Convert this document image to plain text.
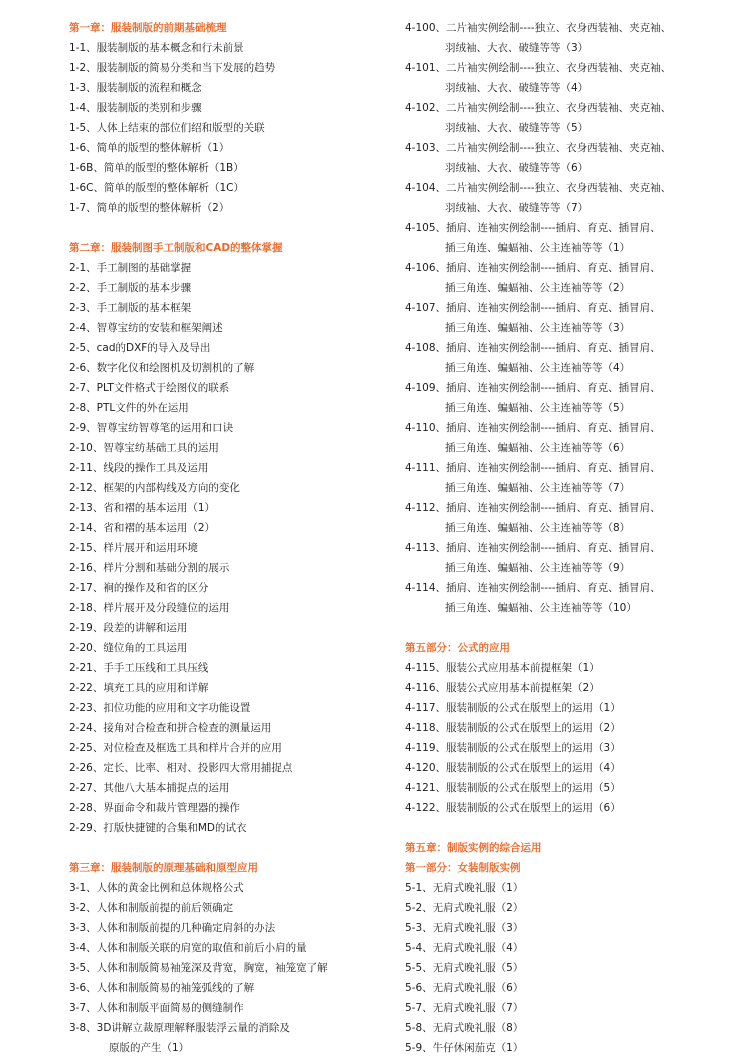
第一章：服装制版的前期基础梳理
1-1、服装制版的基本概念和行未前景
1-2、服装制版的简易分类和当下发展的趋势
1-3、服装制版的流程和概念
1-4、服装制版的类别和步骤
1-5、人体上结束的部位们绍和版型的关联
1-6、简单的版型的整体解析（1）
1-6B、简单的版型的整体解析（1B）
1-6C、简单的版型的整体解析（1C）
1-7、简单的版型的整体解析（2）
第二章：服装制图手工制版和CAD的整体掌握
2-1、手工制图的基础掌握
2-2、手工制版的基本步骤
2-3、手工制版的基本框架
2-4、智尊宝纺的安装和框架阐述
2-5、cad的DXF的导入及导出
2-6、数字化仪和绘图机及切割机的了解
2-7、PLT文件格式于绘图仪的联系
2-8、PTL文件的外在运用
2-9、智尊宝纺智尊笔的运用和口诀
2-10、智尊宝纺基础工具的运用
2-11、线段的操作工具及运用
2-12、框架的内部构线及方向的变化
2-13、省和褶的基本运用（1）
2-14、省和褶的基本运用（2）
2-15、样片展开和运用环境
2-16、样片分割和基础分割的展示
2-17、裥的操作及和省的区分
2-18、样片展开及分段缝位的运用
2-19、段差的讲解和运用
2-20、缝位角的工具运用
2-21、手手工压线和工具压线
2-22、填充工具的应用和详解
2-23、扣位功能的应用和文字功能设置
2-24、接角对合检查和拼合检查的测量运用
2-25、对位检查及框选工具和样片合并的应用
2-26、定长、比率、相对、投影四大常用捕捉点
2-27、其他八大基本捕捉点的运用
2-28、界面命令和裁片管理器的操作
2-29、打版快捷键的合集和MD的试衣
第三章：服装制版的原理基础和原型应用
3-1、人体的黄金比例和总体规格公式
3-2、人体和制版前提的前后领确定
3-3、人体和制版前提的几种确定肩斜的办法
3-4、人体和制版关联的肩宽的取值和前后小肩的量
3-5、人体和制版简易袖笼深及背宽，胸宽，袖笼宽了解
3-6、人体和制版简易的袖笼弧线的了解
3-7、人体和制版平面简易的侧缝制作
3-8、3D讲解立裁原理解释服装浮云量的消除及
原版的产生（1）
4-100、二片袖实例绘制----独立、衣身西装袖、夹克袖、
羽绒袖、大衣、破缝等等（3）
4-101、二片袖实例绘制----独立、衣身西装袖、夹克袖、
羽绒袖、大衣、破缝等等（4）
4-102、二片袖实例绘制----独立、衣身西装袖、夹克袖、
羽绒袖、大衣、破缝等等（5）
4-103、二片袖实例绘制----独立、衣身西装袖、夹克袖、
羽绒袖、大衣、破缝等等（6）
4-104、二片袖实例绘制----独立、衣身西装袖、夹克袖、
羽绒袖、大衣、破缝等等（7）
4-105、插肩、连袖实例绘制----插肩、育克、插冒肩、
插三角连、蝙蝠袖、公主连袖等等（1）
4-106、插肩、连袖实例绘制----插肩、育克、插冒肩、
插三角连、蝙蝠袖、公主连袖等等（2）
4-107、插肩、连袖实例绘制----插肩、育克、插冒肩、
插三角连、蝙蝠袖、公主连袖等等（3）
4-108、插肩、连袖实例绘制----插肩、育克、插冒肩、
插三角连、蝙蝠袖、公主连袖等等（4）
4-109、插肩、连袖实例绘制----插肩、育克、插冒肩、
插三角连、蝙蝠袖、公主连袖等等（5）
4-110、插肩、连袖实例绘制----插肩、育克、插冒肩、
插三角连、蝙蝠袖、公主连袖等等（6）
4-111、插肩、连袖实例绘制----插肩、育克、插冒肩、
插三角连、蝙蝠袖、公主连袖等等（7）
4-112、插肩、连袖实例绘制----插肩、育克、插冒肩、
插三角连、蝙蝠袖、公主连袖等等（8）
4-113、插肩、连袖实例绘制----插肩、育克、插冒肩、
插三角连、蝙蝠袖、公主连袖等等（9）
4-114、插肩、连袖实例绘制----插肩、育克、插冒肩、
插三角连、蝙蝠袖、公主连袖等等（10）
第五部分：公式的应用
4-115、服装公式应用基本前提框架（1）
4-116、服装公式应用基本前提框架（2）
4-117、服装制版的公式在版型上的运用（1）
4-118、服装制版的公式在版型上的运用（2）
4-119、服装制版的公式在版型上的运用（3）
4-120、服装制版的公式在版型上的运用（4）
4-121、服装制版的公式在版型上的运用（5）
4-122、服装制版的公式在版型上的运用（6）
第五章：制版实例的综合运用
第一部分：女装制版实例
5-1、无肩式晚礼服（1）
5-2、无肩式晚礼服（2）
5-3、无肩式晚礼服（3）
5-4、无肩式晚礼服（4）
5-5、无肩式晚礼服（5）
5-6、无肩式晚礼服（6）
5-7、无肩式晚礼服（7）
5-8、无肩式晚礼服（8）
5-9、牛仔休闲茄克（1）
